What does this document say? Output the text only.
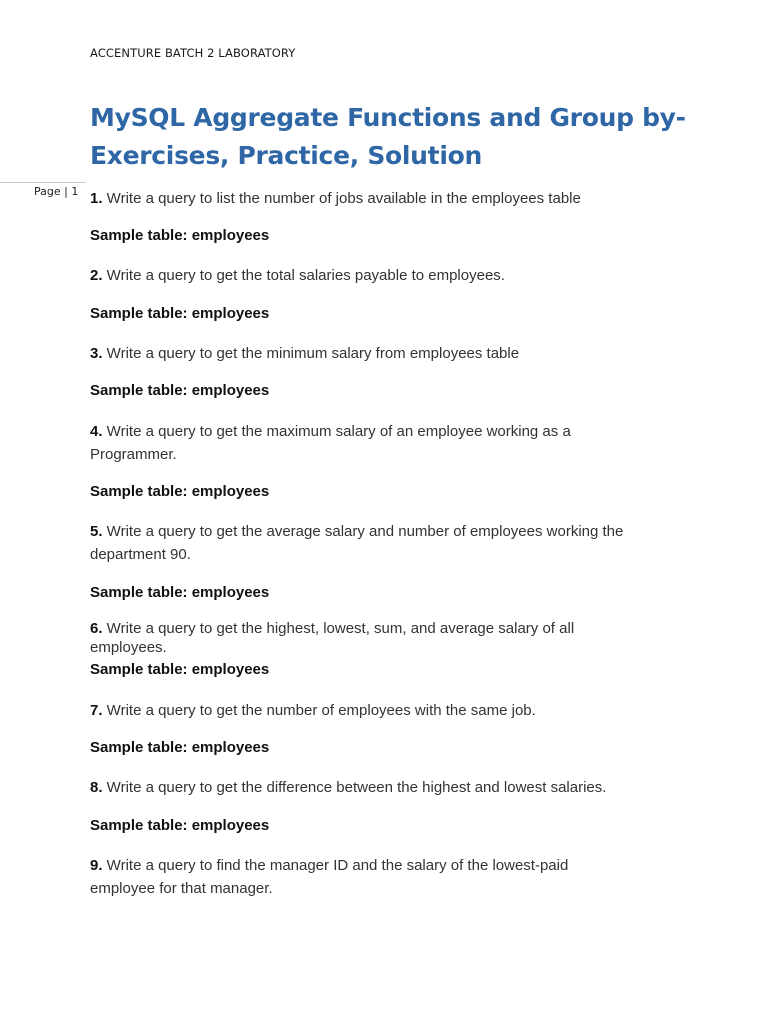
ACCENTURE BATCH 2 LABORATORY
MySQL Aggregate Functions and Group by-
Exercises, Practice, Solution
Page | 1 1. Write a query to list the number of jobs available in the employees table
Sample table: employees
2. Write a query to get the total salaries payable to employees.
Sample table: employees
3. Write a query to get the minimum salary from employees table
Sample table: employees
4. Write a query to get the maximum salary of an employee working as a Programmer.
Sample table: employees
5. Write a query to get the average salary and number of employees working the department 90.
Sample table: employees
6. Write a query to get the highest, lowest, sum, and average salary of all employees.
Sample table: employees
7. Write a query to get the number of employees with the same job.
Sample table: employees
8. Write a query to get the difference between the highest and lowest salaries.
Sample table: employees
9. Write a query to find the manager ID and the salary of the lowest-paid employee for that manager.
